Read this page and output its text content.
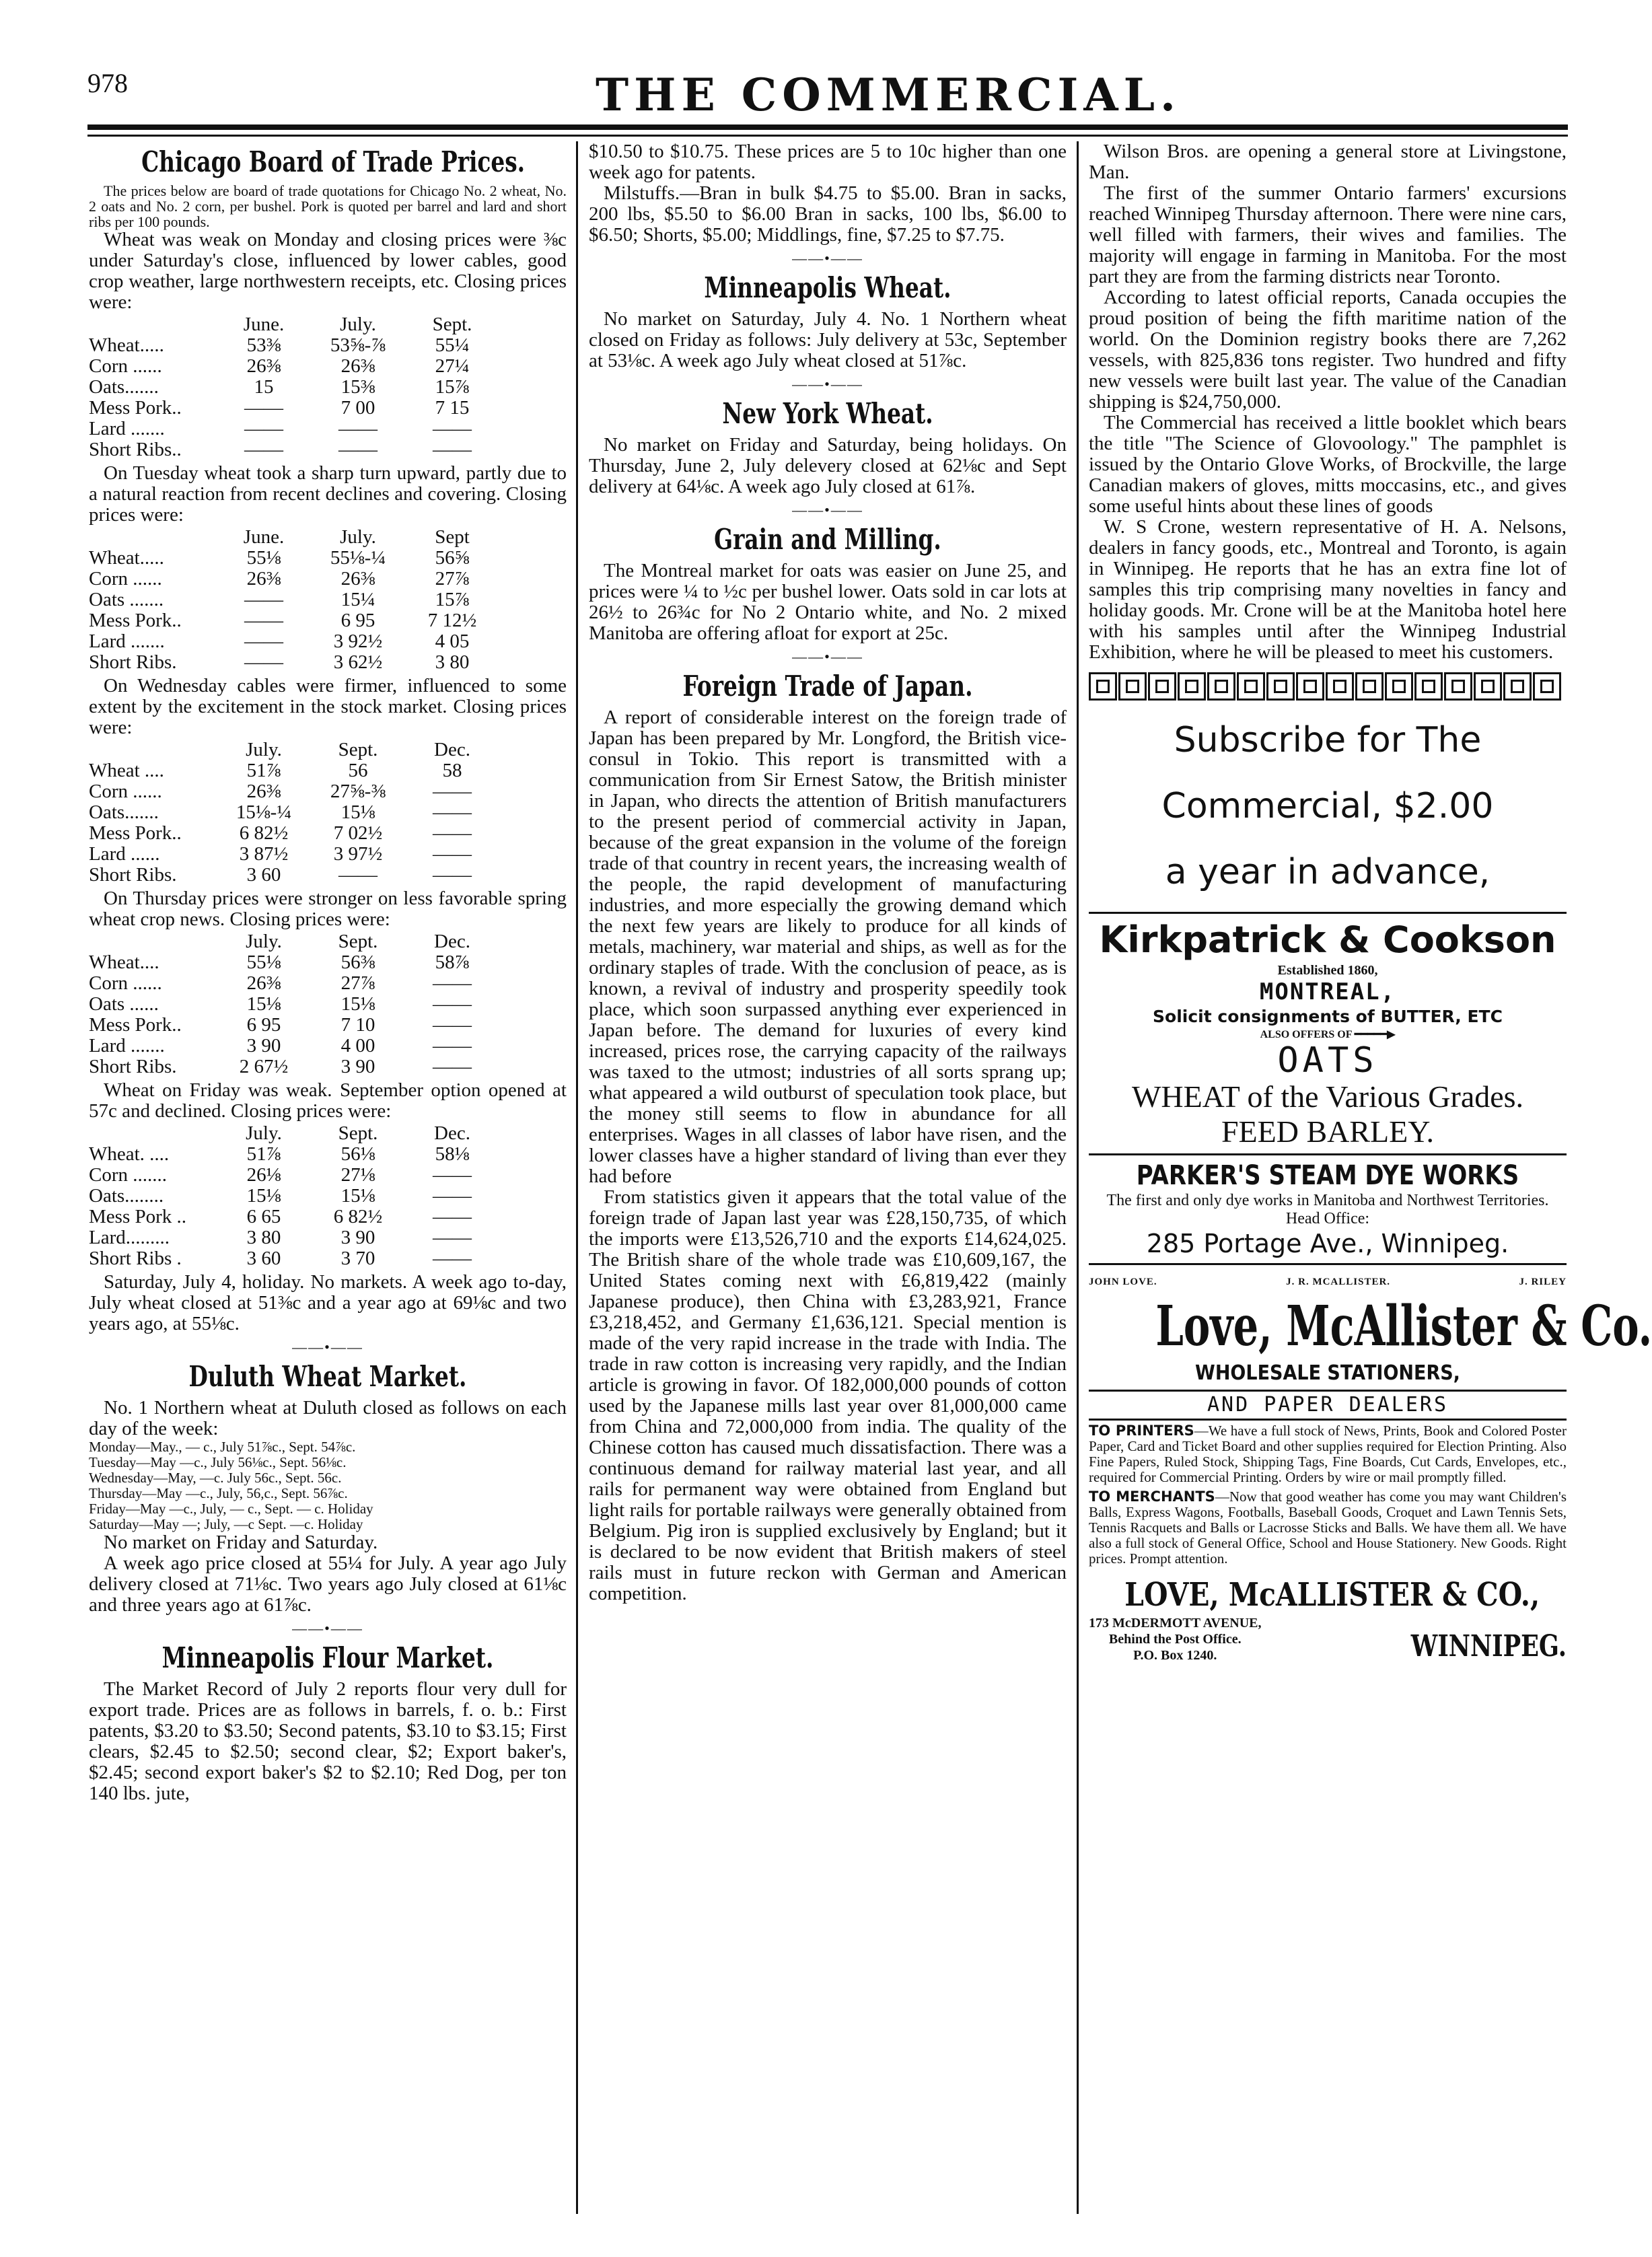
978	THE COMMERCIAL.
Chicago Board of Trade Prices.

The prices below are board of trade quotations for Chicago No. 2 wheat, No. 2 oats and No. 2 corn, per bushel. Pork is quoted per barrel and lard and short ribs per 100 pounds.

Wheat was weak on Monday and closing prices were ⅜c under Saturday's close, influenced by lower cables, good crop weather, large northwestern receipts, etc. Closing prices were:

	June.	July.	Sept.
Wheat.....	53⅜	53⅝-⅞	55¼
Corn ......	26⅜	26⅜	27¼
Oats.......	15	15⅜	15⅞
Mess Pork..	——	7 00	7 15
Lard .......	——	——	——
Short Ribs..	——	——	——

On Tuesday wheat took a sharp turn upward, partly due to a natural reaction from recent declines and covering. Closing prices were:

	June.	July.	Sept
Wheat.....	55⅛	55⅛-¼	56⅝
Corn ......	26⅜	26⅜	27⅞
Oats .......	——	15¼	15⅞
Mess Pork..	——	6 95	7 12½
Lard .......	——	3 92½	4 05
Short Ribs.	——	3 62½	3 80

On Wednesday cables were firmer, influenced to some extent by the excitement in the stock market. Closing prices were:

	July.	Sept.	Dec.
Wheat ....	51⅞	56	58
Corn ......	26⅜	27⅝-⅜	——
Oats.......	15⅛-¼	15⅛	——
Mess Pork..	6 82½	7 02½	——
Lard ......	3 87½	3 97½	——
Short Ribs.	3 60	——	——

On Thursday prices were stronger on less favorable spring wheat crop news. Closing prices were:

	July.	Sept.	Dec.
Wheat....	55⅛	56⅜	58⅞
Corn ......	26⅜	27⅞	——
Oats ......	15⅛	15⅛	——
Mess Pork..	6 95	7 10	——
Lard .......	3 90	4 00	——
Short Ribs.	2 67½	3 90	——

Wheat on Friday was weak. September option opened at 57c and declined. Closing prices were:

	July.	Sept.	Dec.
Wheat. ....	51⅞	56⅛	58⅛
Corn .......	26⅛	27⅛	——
Oats........	15⅛	15⅛	——
Mess Pork ..	6 65	6 82½	——
Lard.........	3 80	3 90	——
Short Ribs .	3 60	3 70	——

Saturday, July 4, holiday. No markets. A week ago to-day, July wheat closed at 51⅜c and a year ago at 69⅛c and two years ago, at 55⅛c.

——•——
Duluth Wheat Market.

No. 1 Northern wheat at Duluth closed as follows on each day of the week:

Monday—May., — c., July 51⅞c., Sept. 54⅞c.
Tuesday—May —c., July 56⅛c., Sept. 56⅛c.
Wednesday—May, —c. July 56c., Sept. 56c.
Thursday—May —c., July, 56,c., Sept. 56⅞c.
Friday—May —c., July, — c., Sept. — c. Holiday
Saturday—May —; July, —c Sept. —c. Holiday

No market on Friday and Saturday.

A week ago price closed at 55¼ for July. A year ago July delivery closed at 71⅛c. Two years ago July closed at 61⅛c and three years ago at 61⅞c.

——•——
Minneapolis Flour Market.

The Market Record of July 2 reports flour very dull for export trade. Prices are as follows in barrels, f. o. b.: First patents, $3.20 to $3.50; Second patents, $3.10 to $3.15; First clears, $2.45 to $2.50; second clear, $2; Export baker's, $2.45; second export baker's $2 to $2.10; Red Dog, per ton 140 lbs. jute,

$10.50 to $10.75. These prices are 5 to 10c higher than one week ago for patents.

Milstuffs.—Bran in bulk $4.75 to $5.00. Bran in sacks, 200 lbs, $5.50 to $6.00 Bran in sacks, 100 lbs, $6.00 to $6.50; Shorts, $5.00; Middlings, fine, $7.25 to $7.75.

——•——
Minneapolis Wheat.

No market on Saturday, July 4. No. 1 Northern wheat closed on Friday as follows: July delivery at 53c, September at 53⅛c. A week ago July wheat closed at 51⅞c.

——•——
New York Wheat.

No market on Friday and Saturday, being holidays. On Thursday, June 2, July delevery closed at 62⅛c and Sept delivery at 64⅛c. A week ago July closed at 61⅞.

——•——
Grain and Milling.

The Montreal market for oats was easier on June 25, and prices were ¼ to ½c per bushel lower. Oats sold in car lots at 26½ to 26¾c for No 2 Ontario white, and No. 2 mixed Manitoba are offering afloat for export at 25c.

——•——
Foreign Trade of Japan.

A report of considerable interest on the foreign trade of Japan has been prepared by Mr. Longford, the British vice-consul in Tokio. This report is transmitted with a communication from Sir Ernest Satow, the British minister in Japan, who directs the attention of British manufacturers to the present period of commercial activity in Japan, because of the great expansion in the volume of the foreign trade of that country in recent years, the increasing wealth of the people, the rapid development of manufacturing industries, and more especially the growing demand which the next few years are likely to produce for all kinds of metals, machinery, war material and ships, as well as for the ordinary staples of trade. With the conclusion of peace, as is known, a revival of industry and prosperity speedily took place, which soon surpassed anything ever experienced in Japan before. The demand for luxuries of every kind increased, prices rose, the carrying capacity of the railways was taxed to the utmost; industries of all sorts sprang up; what appeared a wild outburst of speculation took place, but the money still seems to flow in abundance for all enterprises. Wages in all classes of labor have risen, and the lower classes have a higher standard of living than ever they had before

From statistics given it appears that the total value of the foreign trade of Japan last year was £28,150,735, of which the imports were £13,526,710 and the exports £14,624,025. The British share of the whole trade was £10,609,167, the United States coming next with £6,819,422 (mainly Japanese produce), then China with £3,283,921, France £3,218,452, and Germany £1,636,121. Special mention is made of the very rapid increase in the trade with India. The trade in raw cotton is increasing very rapidly, and the Indian article is growing in favor. Of 182,000,000 pounds of cotton used by the Japanese mills last year over 81,000,000 came from China and 72,000,000 from india. The quality of the Chinese cotton has caused much dissatisfaction. There was a continuous demand for railway material last year, and all rails for permanent way were obtained from England but light rails for portable railways were generally obtained from Belgium. Pig iron is supplied exclusively by England; but it is declared to be now evident that British makers of steel rails must in future reckon with German and American competition.

Wilson Bros. are opening a general store at Livingstone, Man.

The first of the summer Ontario farmers' excursions reached Winnipeg Thursday afternoon. There were nine cars, well filled with farmers, their wives and families. The majority will engage in farming in Manitoba. For the most part they are from the farming districts near Toronto.

According to latest official reports, Canada occupies the proud position of being the fifth maritime nation of the world. On the Dominion registry books there are 7,262 vessels, with 825,836 tons register. Two hundred and fifty new vessels were built last year. The value of the Canadian shipping is $24,750,000.

The Commercial has received a little booklet which bears the title "The Science of Glovoology." The pamphlet is issued by the Ontario Glove Works, of Brockville, the large Canadian makers of gloves, mitts moccasins, etc., and gives some useful hints about these lines of goods

W. S Crone, western representative of H. A. Nelsons, dealers in fancy goods, etc., Montreal and Toronto, is again in Winnipeg. He reports that he has an extra fine lot of samples this trip comprising many novelties in fancy and holiday goods. Mr. Crone will be at the Manitoba hotel here with his samples until after the Winnipeg Industrial Exhibition, where he will be pleased to meet his customers.

Subscribe for The
Commercial, $2.00
a year in advance,
Kirkpatrick & Cookson
Established 1860,
MONTREAL,
Solicit consignments of BUTTER, ETC
ALSO OFFERS OF ━━━━━▶
OATS
WHEAT of the Various Grades.
FEED BARLEY.
PARKER'S STEAM DYE WORKS
The first and only dye works in Manitoba and Northwest Territories. Head Office:
285 Portage Ave., Winnipeg.
JOHN LOVE.	J. R. MCALLISTER.	J. RILEY
Love, McAllister & Co.
WHOLESALE STATIONERS,
AND PAPER DEALERS
TO PRINTERS—We have a full stock of News, Prints, Book and Colored Poster Paper, Card and Ticket Board and other supplies required for Election Printing. Also Fine Papers, Ruled Stock, Shipping Tags, Fine Boards, Cut Cards, Envelopes, etc., required for Commercial Printing. Orders by wire or mail promptly filled.
TO MERCHANTS—Now that good weather has come you may want Children's Balls, Express Wagons, Footballs, Baseball Goods, Croquet and Lawn Tennis Sets, Tennis Racquets and Balls or Lacrosse Sticks and Balls. We have them all. We have also a full stock of General Office, School and House Stationery. New Goods. Right prices. Prompt attention.
LOVE, McALLISTER & CO.,
173 McDERMOTT AVENUE,
Behind the Post Office.
P.O. Box 1240.	WINNIPEG.
